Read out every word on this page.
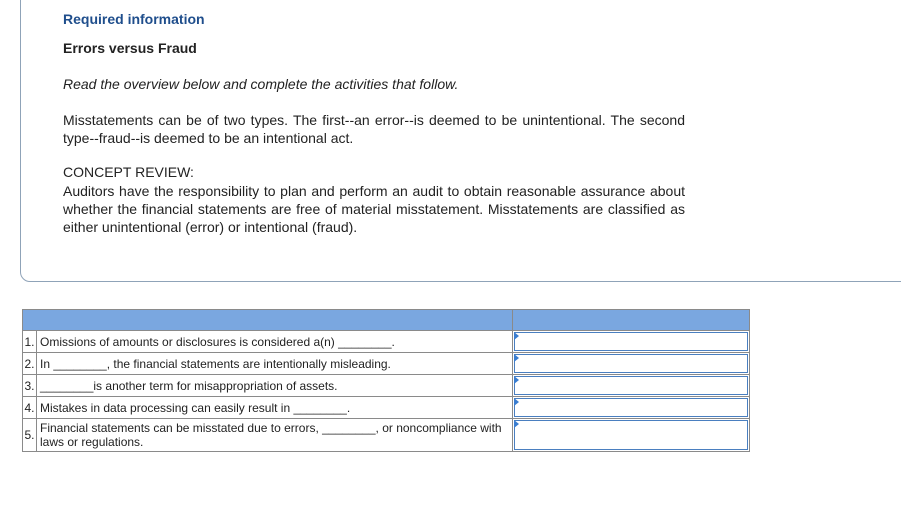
Required information
Errors versus Fraud
Read the overview below and complete the activities that follow.

Misstatements can be of two types. The first--an error--is deemed to be unintentional. The second type--fraud--is deemed to be an intentional act.

CONCEPT REVIEW:

Auditors have the responsibility to plan and perform an audit to obtain reasonable assurance about whether the financial statements are free of material misstatement. Misstatements are classified as either unintentional (error) or intentional (fraud).

1.	Omissions of amounts or disclosures is considered a(n) ________.	

2.	In ________, the financial statements are intentionally misleading.	

3.	________is another term for misappropriation of assets.	

4.	Mistakes in data processing can easily result in ________.	

5.	Financial statements can be misstated due to errors, ________, or noncompliance with laws or regulations.	
